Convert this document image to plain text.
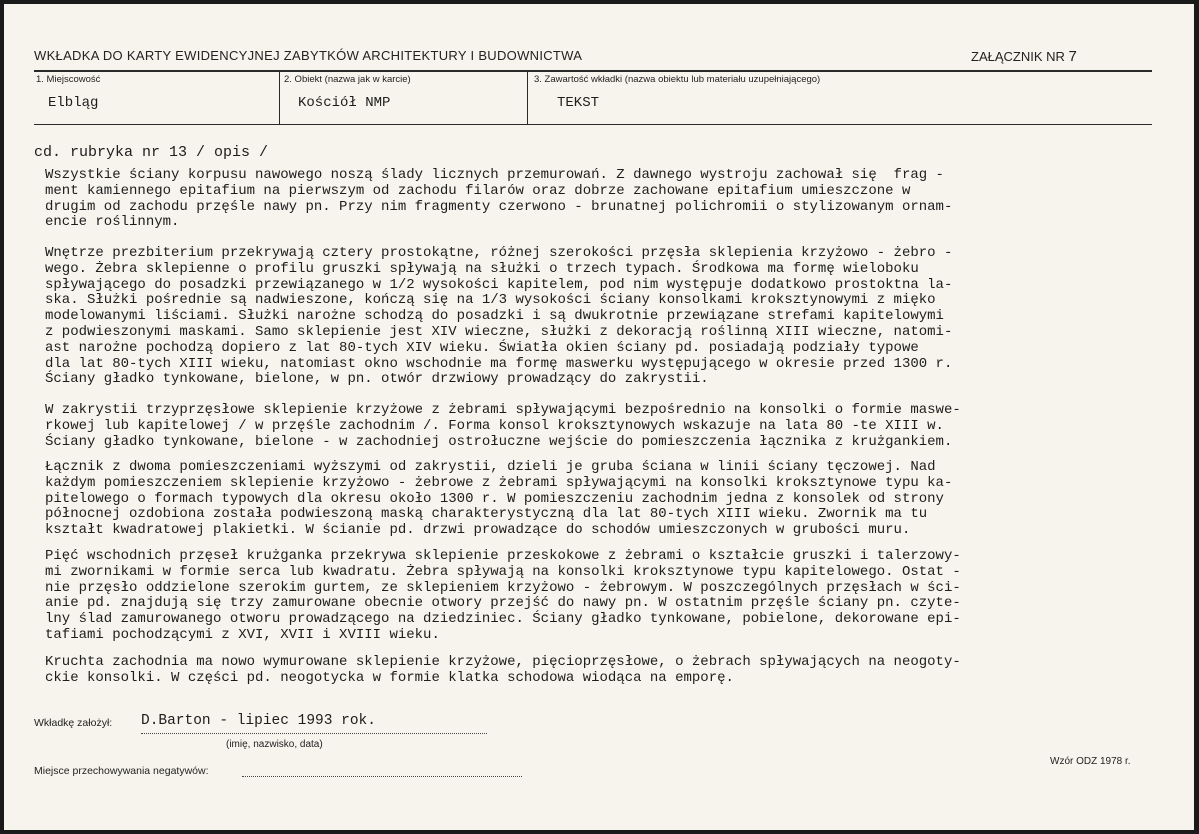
WKŁADKA DO KARTY EWIDENCYJNEJ ZABYTKÓW ARCHITEKTURY I BUDOWNICTWA	ZAŁĄCZNIK NR 7
1. Miejscowość
Elbląg
2. Obiekt (nazwa jak w karcie)
Kościół NMP
3. Zawartość wkładki (nazwa obiektu lub materiału uzupełniającego)
TEKST
cd. rubryka nr 13 / opis /
Wszystkie ściany korpusu nawowego noszą ślady licznych przemurowań. Z dawnego wystroju zachował się  frag -
ment kamiennego epitafium na pierwszym od zachodu filarów oraz dobrze zachowane epitafium umieszczone w
drugim od zachodu przęśle nawy pn. Przy nim fragmenty czerwono - brunatnej polichromii o stylizowanym ornam-
encie roślinnym.
Wnętrze prezbiterium przekrywają cztery prostokątne, różnej szerokości przęsła sklepienia krzyżowo - żebro -
wego. Żebra sklepienne o profilu gruszki spływają na służki o trzech typach. Środkowa ma formę wieloboku
spływającego do posadzki przewiązanego w 1/2 wysokości kapitelem, pod nim występuje dodatkowo prostoktna la-
ska. Służki pośrednie są nadwieszone, kończą się na 1/3 wysokości ściany konsolkami kroksztynowymi z mięko
modelowanymi liściami. Służki narożne schodzą do posadzki i są dwukrotnie przewiązane strefami kapitelowymi
z podwieszonymi maskami. Samo sklepienie jest XIV wieczne, służki z dekoracją roślinną XIII wieczne, natomi-
ast narożne pochodzą dopiero z lat 80-tych XIV wieku. Światła okien ściany pd. posiadają podziały typowe
dla lat 80-tych XIII wieku, natomiast okno wschodnie ma formę maswerku występującego w okresie przed 1300 r.
Ściany gładko tynkowane, bielone, w pn. otwór drzwiowy prowadzący do zakrystii.
W zakrystii trzyprzęsłowe sklepienie krzyżowe z żebrami spływającymi bezpośrednio na konsolki o formie maswe-
rkowej lub kapitelowej / w przęśle zachodnim /. Forma konsol kroksztynowych wskazuje na lata 80 -te XIII w.
Ściany gładko tynkowane, bielone - w zachodniej ostrołuczne wejście do pomieszczenia łącznika z krużgankiem.
Łącznik z dwoma pomieszczeniami wyższymi od zakrystii, dzieli je gruba ściana w linii ściany tęczowej. Nad
każdym pomieszczeniem sklepienie krzyżowo - żebrowe z żebrami spływającymi na konsolki kroksztynowe typu ka-
pitelowego o formach typowych dla okresu około 1300 r. W pomieszczeniu zachodnim jedna z konsolek od strony
północnej ozdobiona została podwieszoną maską charakterystyczną dla lat 80-tych XIII wieku. Zwornik ma tu
kształt kwadratowej plakietki. W ścianie pd. drzwi prowadzące do schodów umieszczonych w grubości muru.
Pięć wschodnich przęseł krużganka przekrywa sklepienie przeskokowe z żebrami o kształcie gruszki i talerzowy-
mi zwornikami w formie serca lub kwadratu. Żebra spływają na konsolki kroksztynowe typu kapitelowego. Ostat -
nie przęsło oddzielone szerokim gurtem, ze sklepieniem krzyżowo - żebrowym. W poszczególnych przęsłach w ści-
anie pd. znajdują się trzy zamurowane obecnie otwory przejść do nawy pn. W ostatnim przęśle ściany pn. czyte-
lny ślad zamurowanego otworu prowadzącego na dziedziniec. Ściany gładko tynkowane, pobielone, dekorowane epi-
tafiami pochodzącymi z XVI, XVII i XVIII wieku.
Kruchta zachodnia ma nowo wymurowane sklepienie krzyżowe, pięcioprzęsłowe, o żebrach spływających na neogoty-
ckie konsolki. W części pd. neogotycka w formie klatka schodowa wiodąca na emporę.
Wkładkę założył: D.Barton - lipiec 1993 rok.
(imię, nazwisko, data)
Miejsce przechowywania negatywów:
Wzór ODZ 1978 r.
